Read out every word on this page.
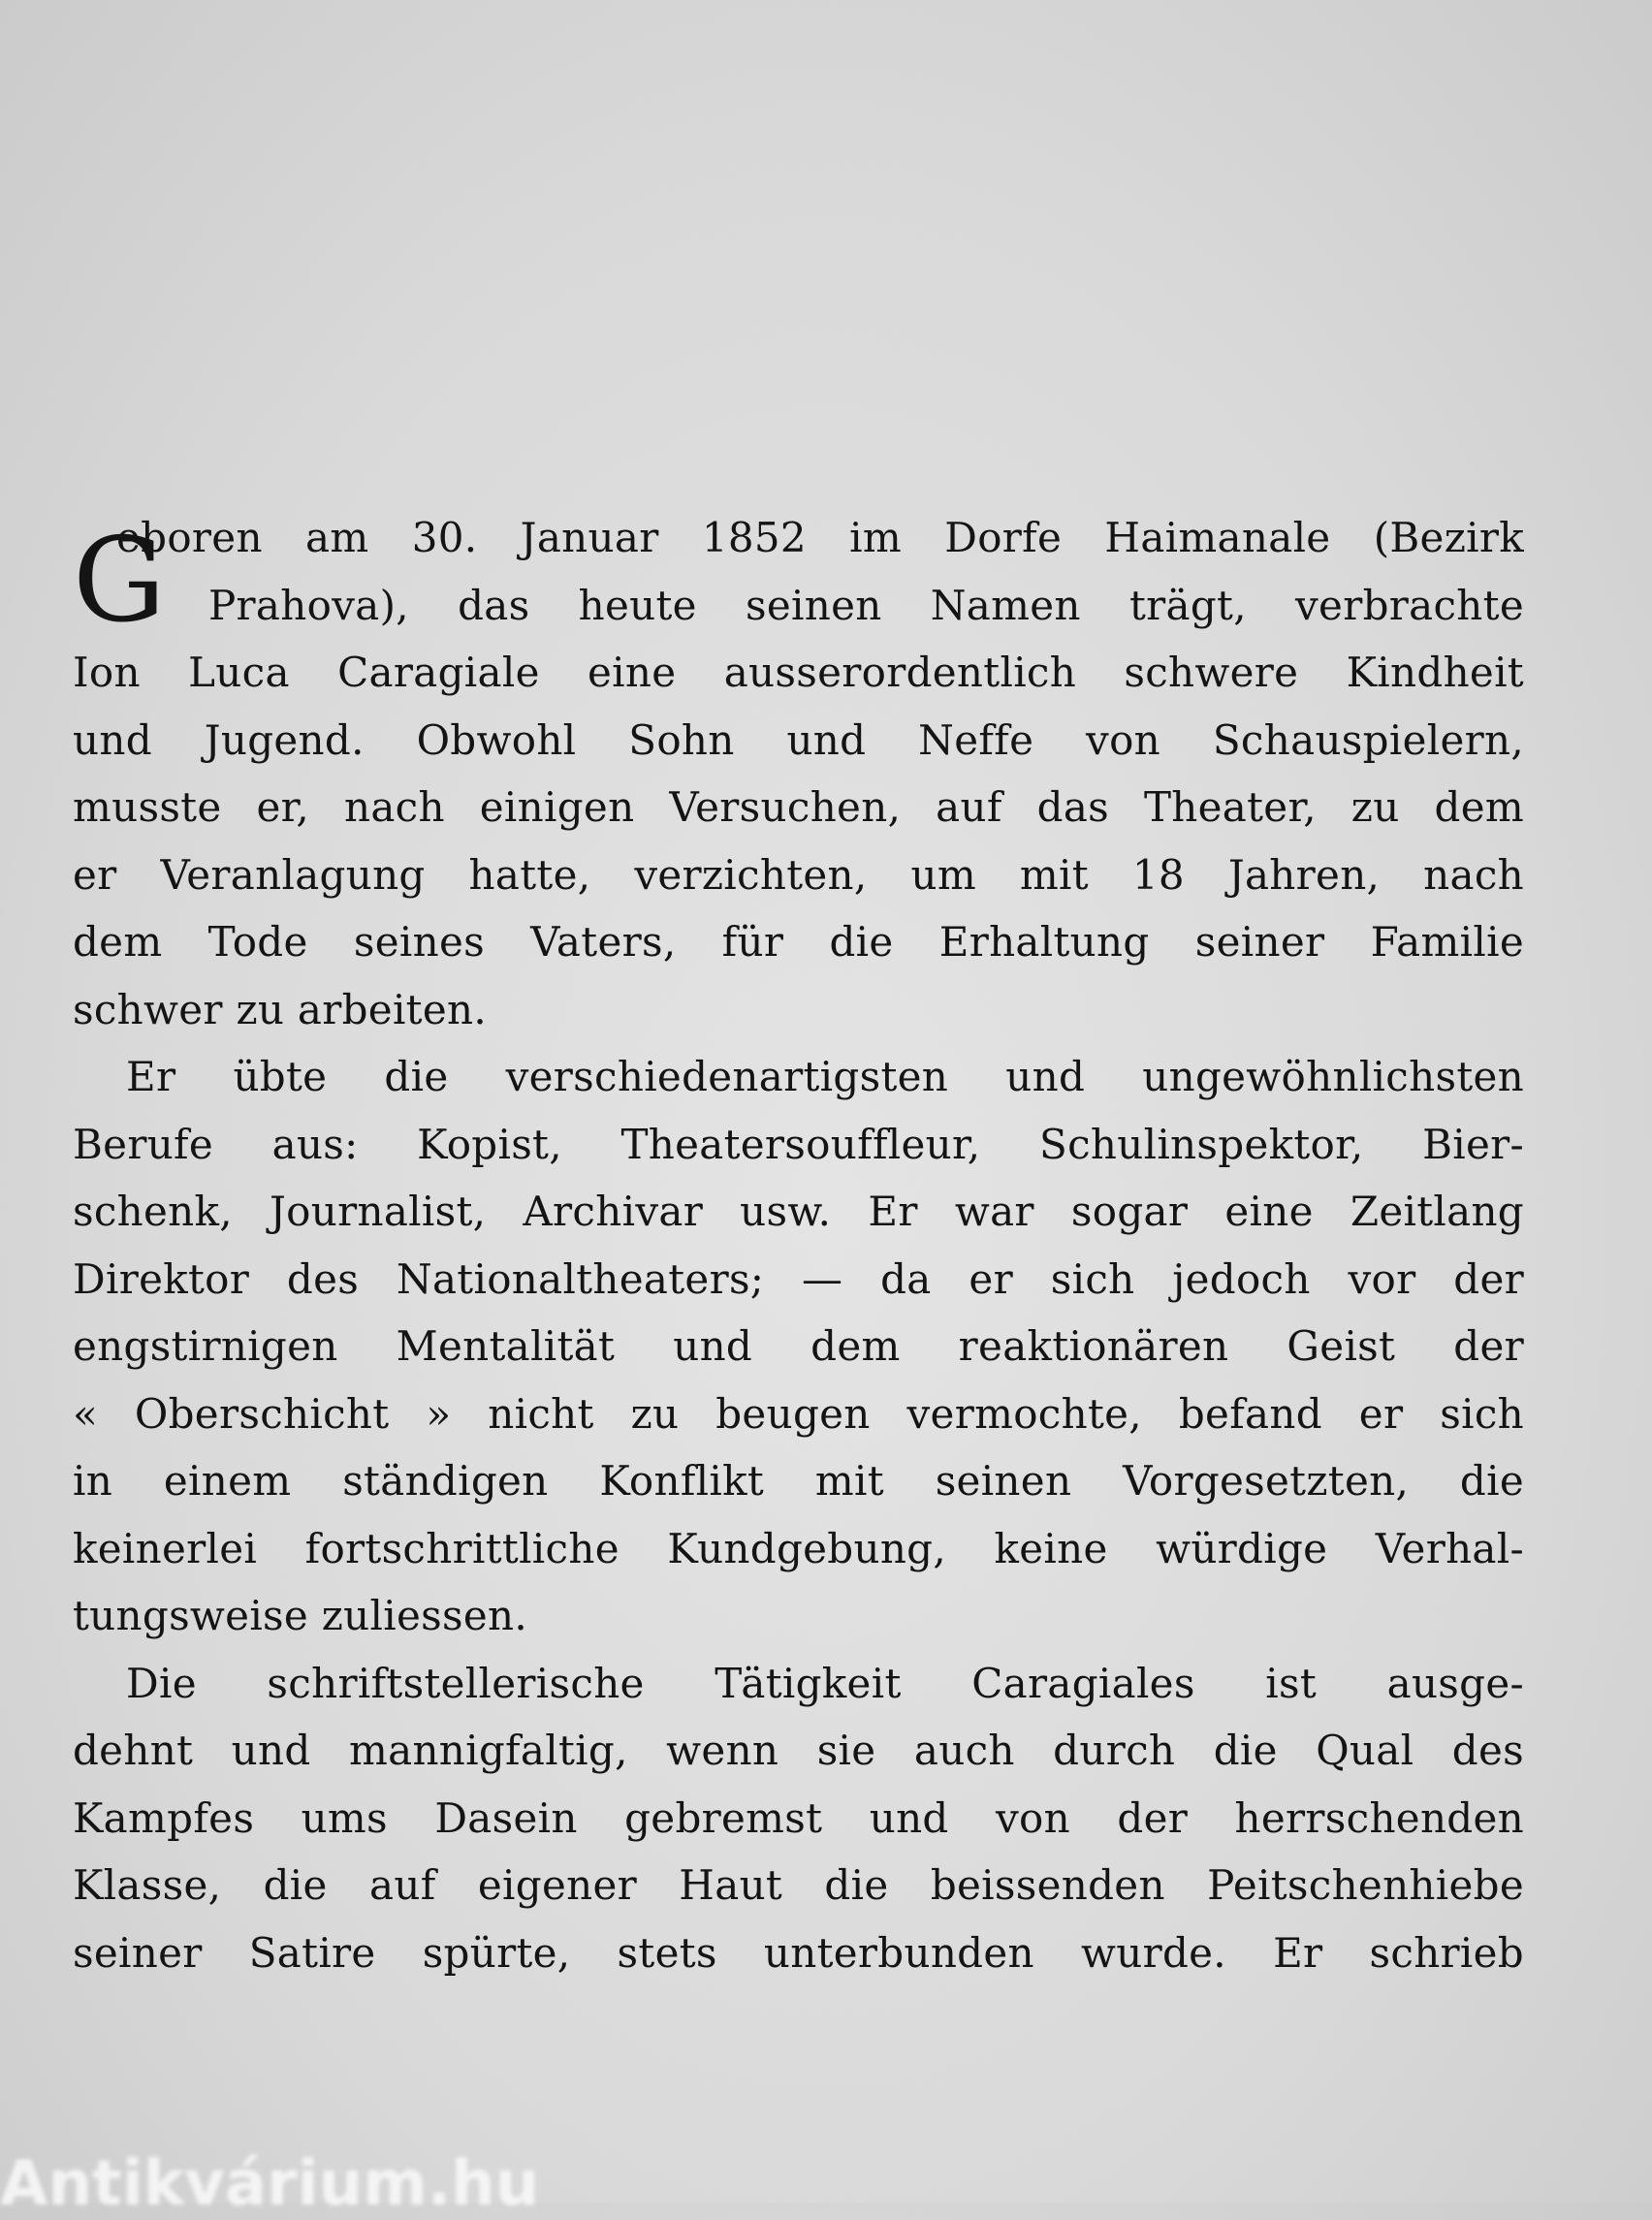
G
eboren am 30. Januar 1852 im Dorfe Haimanale (Bezirk
Prahova), das heute seinen Namen trägt, verbrachte
Ion Luca Caragiale eine ausserordentlich schwere Kindheit
und Jugend. Obwohl Sohn und Neffe von Schauspielern,
musste er, nach einigen Versuchen, auf das Theater, zu dem
er Veranlagung hatte, verzichten, um mit 18 Jahren, nach
dem Tode seines Vaters, für die Erhaltung seiner Familie
schwer zu arbeiten.
Er übte die verschiedenartigsten und ungewöhnlichsten
Berufe aus: Kopist, Theatersouffleur, Schulinspektor, Bier-
schenk, Journalist, Archivar usw. Er war sogar eine Zeitlang
Direktor des Nationaltheaters; — da er sich jedoch vor der
engstirnigen Mentalität und dem reaktionären Geist der
« Oberschicht » nicht zu beugen vermochte, befand er sich
in einem ständigen Konflikt mit seinen Vorgesetzten, die
keinerlei fortschrittliche Kundgebung, keine würdige Verhal-
tungsweise zuliessen.
Die schriftstellerische Tätigkeit Caragiales ist ausge-
dehnt und mannigfaltig, wenn sie auch durch die Qual des
Kampfes ums Dasein gebremst und von der herrschenden
Klasse, die auf eigener Haut die beissenden Peitschenhiebe
seiner Satire spürte, stets unterbunden wurde. Er schrieb
Antikvárium.hu
